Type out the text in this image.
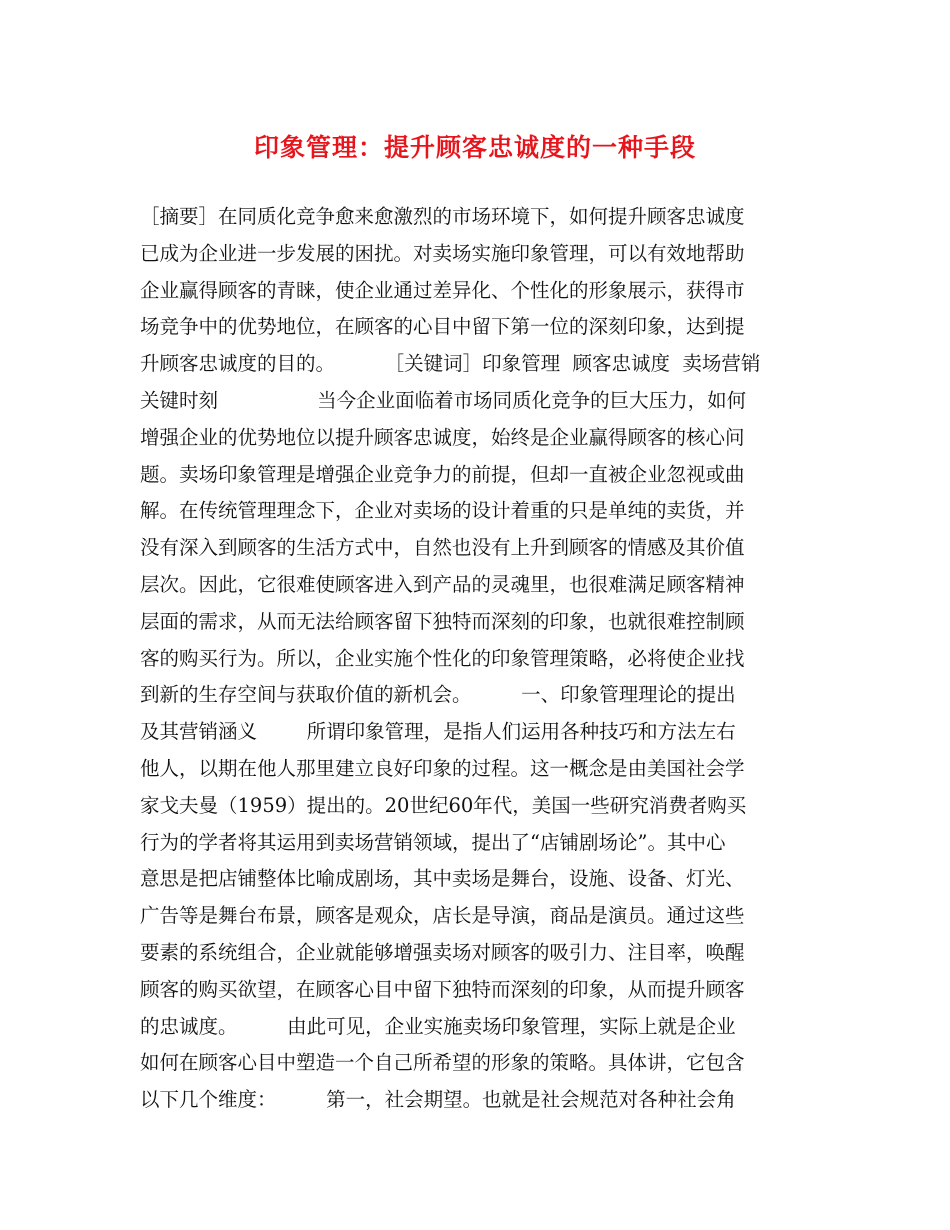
印象管理：提升顾客忠诚度的一种手段
［摘要］在同质化竞争愈来愈激烈的市场环境下，如何提升顾客忠诚度
已成为企业进一步发展的困扰。对卖场实施印象管理，可以有效地帮助
企业赢得顾客的青睐，使企业通过差异化、个性化的形象展示，获得市
场竞争中的优势地位，在顾客的心目中留下第一位的深刻印象，达到提
升顾客忠诚度的目的。        ［关键词］印象管理  顾客忠诚度  卖场营销
关键时刻                当今企业面临着市场同质化竞争的巨大压力，如何
增强企业的优势地位以提升顾客忠诚度，始终是企业赢得顾客的核心问
题。卖场印象管理是增强企业竞争力的前提，但却一直被企业忽视或曲
解。在传统管理理念下，企业对卖场的设计着重的只是单纯的卖货，并
没有深入到顾客的生活方式中，自然也没有上升到顾客的情感及其价值
层次。因此，它很难使顾客进入到产品的灵魂里，也很难满足顾客精神
层面的需求，从而无法给顾客留下独特而深刻的印象，也就很难控制顾
客的购买行为。所以，企业实施个性化的印象管理策略，必将使企业找
到新的生存空间与获取价值的新机会。        一、印象管理理论的提出
及其营销涵义        所谓印象管理，是指人们运用各种技巧和方法左右
他人，以期在他人那里建立良好印象的过程。这一概念是由美国社会学
家戈夫曼（1959）提出的。20世纪60年代，美国一些研究消费者购买
行为的学者将其运用到卖场营销领域，提出了“店铺剧场论”。其中心
意思是把店铺整体比喻成剧场，其中卖场是舞台，设施、设备、灯光、
广告等是舞台布景，顾客是观众，店长是导演，商品是演员。通过这些
要素的系统组合，企业就能够增强卖场对顾客的吸引力、注目率，唤醒
顾客的购买欲望，在顾客心目中留下独特而深刻的印象，从而提升顾客
的忠诚度。        由此可见，企业实施卖场印象管理，实际上就是企业
如何在顾客心目中塑造一个自己所希望的形象的策略。具体讲，它包含
以下几个维度：        第一，社会期望。也就是社会规范对各种社会角
